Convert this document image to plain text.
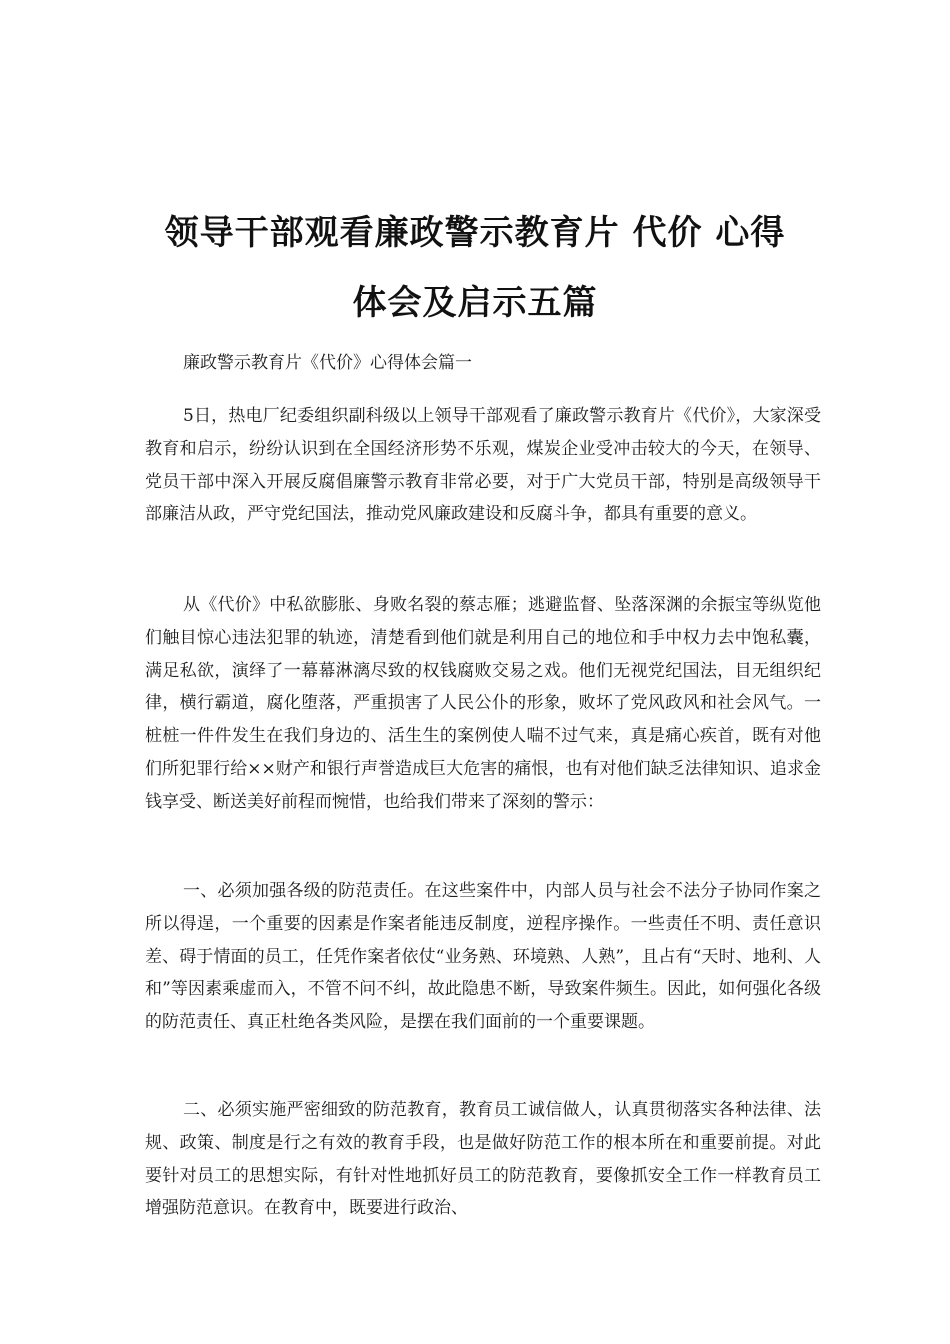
领导干部观看廉政警示教育片 代价 心得
体会及启示五篇
廉政警示教育片《代价》心得体会篇一

5日，热电厂纪委组织副科级以上领导干部观看了廉政警示教育片《代价》，大家深受教育和启示，纷纷认识到在全国经济形势不乐观，煤炭企业受冲击较大的今天，在领导、党员干部中深入开展反腐倡廉警示教育非常必要，对于广大党员干部，特别是高级领导干部廉洁从政，严守党纪国法，推动党风廉政建设和反腐斗争，都具有重要的意义。

从《代价》中私欲膨胀、身败名裂的蔡志雁；逃避监督、坠落深渊的余振宝等纵览他们触目惊心违法犯罪的轨迹，清楚看到他们就是利用自己的地位和手中权力去中饱私囊，满足私欲，演绎了一幕幕淋漓尽致的权钱腐败交易之戏。他们无视党纪国法，目无组织纪律，横行霸道，腐化堕落，严重损害了人民公仆的形象，败坏了党风政风和社会风气。一桩桩一件件发生在我们身边的、活生生的案例使人喘不过气来，真是痛心疾首，既有对他们所犯罪行给××财产和银行声誉造成巨大危害的痛恨，也有对他们缺乏法律知识、追求金钱享受、断送美好前程而惋惜，也给我们带来了深刻的警示：

一、必须加强各级的防范责任。在这些案件中，内部人员与社会不法分子协同作案之所以得逞，一个重要的因素是作案者能违反制度，逆程序操作。一些责任不明、责任意识差、碍于情面的员工，任凭作案者依仗“业务熟、环境熟、人熟”，且占有“天时、地利、人和”等因素乘虚而入，不管不问不纠，故此隐患不断，导致案件频生。因此，如何强化各级的防范责任、真正杜绝各类风险，是摆在我们面前的一个重要课题。

二、必须实施严密细致的防范教育，教育员工诚信做人，认真贯彻落实各种法律、法规、政策、制度是行之有效的教育手段，也是做好防范工作的根本所在和重要前提。对此要针对员工的思想实际，有针对性地抓好员工的防范教育，要像抓安全工作一样教育员工增强防范意识。在教育中，既要进行政治、
